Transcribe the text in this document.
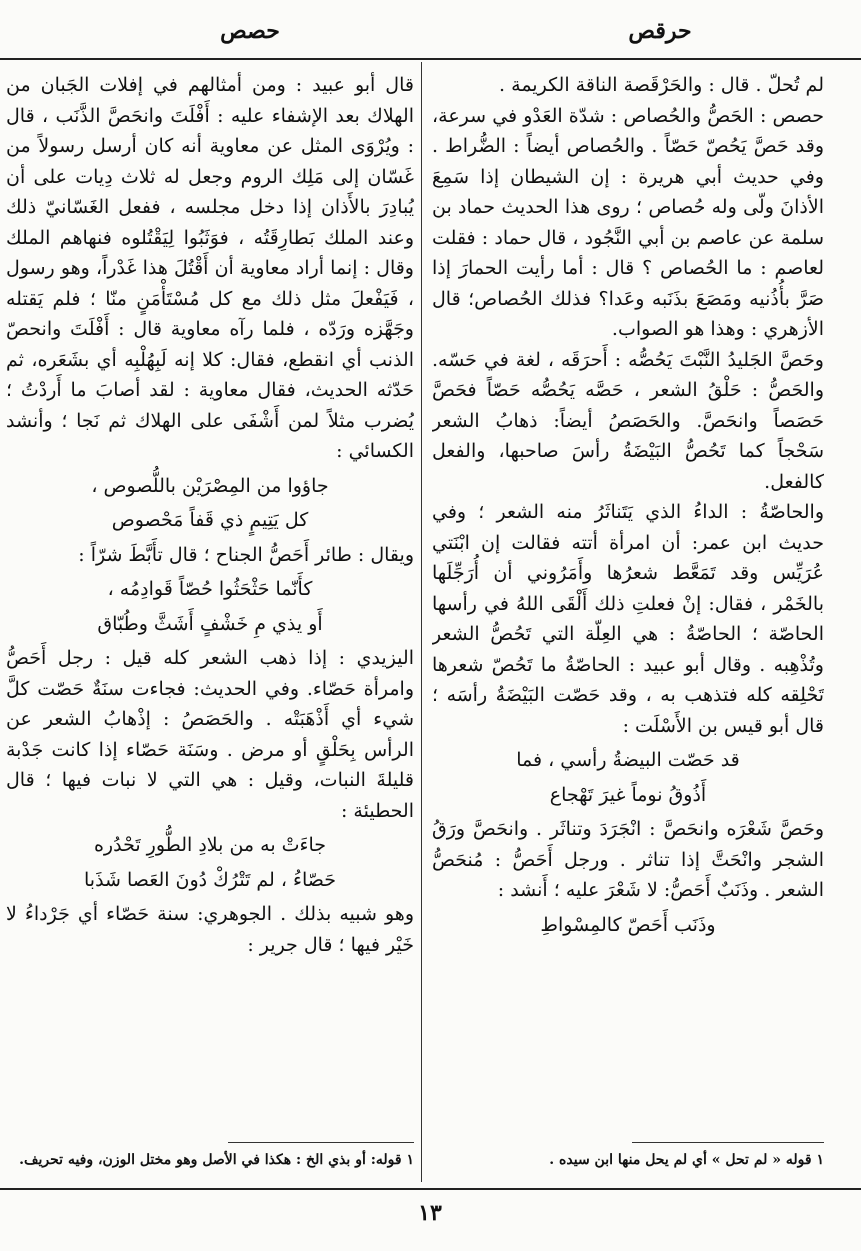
حرقص
حصص

لم تُحلّ . قال : والحَرْقَصة الناقة الكريمة .

حصص : الحَصُّ والحُصاص : شدّة العَدْو في سرعة، وقد حَصَّ يَحُصّ حَصّاً . والحُصاص أيضاً : الضُّراط . وفي حديث أبي هريرة : إن الشيطان إذا سَمِعَ الأذانَ ولّى وله حُصاص ؛ روى هذا الحديث حماد بن سلمة عن عاصم بن أبي النَّجُود ، قال حماد : فقلت لعاصم : ما الحُصاص ؟ قال : أما رأيت الحمارَ إذا صَرَّ بأُذُنيه ومَصَعَ بذَنَبه وعَدا؟ فذلك الحُصاص؛ قال الأزهري : وهذا هو الصواب.

وحَصَّ الجَليدُ النَّبْتَ يَحُصُّه : أَحرَقَه ، لغة في حَسّه. والحَصُّ : حَلْقُ الشعر ، حَصَّه يَحُصُّه حَصّاً فحَصَّ حَصَصاً وانحَصَّ. والحَصَصُ أيضاً: ذهابُ الشعر سَحْجاً كما تَحُصُّ البَيْضَةُ رأسَ صاحبها، والفعل كالفعل.

والحاصّةُ : الداءُ الذي يَتَناثَرُ منه الشعر ؛ وفي حديث ابن عمر: أن امرأة أتته فقالت إن ابْنَتي عُرَيِّس وقد تَمَعَّط شعرُها وأَمَرُوني أن أُرَجِّلَها بالخَمْر ، فقال: إنْ فعلتِ ذلك أَلْقَى اللهُ في رأسها الحاصّة ؛ الحاصّةُ : هي العِلّة التي تَحُصُّ الشعر وتُذْهِبه . وقال أبو عبيد : الحاصّةُ ما تَحُصّ شعرها تَحْلِقه كله فتذهب به ، وقد حَصّت البَيْضَةُ رأسَه ؛ قال أبو قيس بن الأَسْلَت :

قد حَصّت البيضةُ رأسي ، فما

أَذُوقُ نوماً غيرَ تَهْجاع

وحَصَّ شَعْرَه وانحَصَّ : انْجَرَدَ وتناثَر . وانحَصَّ ورَقُ الشجر وانْحَتَّ إذا تناثر . ورجل أَحَصُّ : مُنحَصُّ الشعر . وذَنَبٌ أَحَصُّ: لا شَعْرَ عليه ؛ أَنشد :

وذَنَب أَحَصّ كالمِسْواطِ

قال أبو عبيد : ومن أمثالهم في إفلات الجَبان من الهلاك بعد الإشفاء عليه : أَفْلَتَ وانحَصَّ الذَّنَب ، قال : ويُرْوَى المثل عن معاوية أنه كان أرسل رسولاً من غَسّان إلى مَلِك الروم وجعل له ثلاث دِيات على أن يُبادِرَ بالأَذان إذا دخل مجلسه ، ففعل الغَسّانيّ ذلك وعند الملك بَطارِقَتُه ، فوَثَبُوا لِيَقْتُلوه فنهاهم الملك وقال : إنما أراد معاوية أن أَقْتُلَ هذا غَدْراً، وهو رسول ، فَيَفْعلَ مثل ذلك مع كل مُسْتَأْمَنٍ منّا ؛ فلم يَقتله وجَهَّزه ورَدّه ، فلما رآه معاوية قال : أَفْلَتَ وانحصّ الذنب أي انقطع، فقال: كلا إنه لَبِهُلْبِه أي بشَعَره، ثم حَدّثه الحديث، فقال معاوية : لقد أصابَ ما أَردْتُ ؛ يُضرب مثلاً لمن أَشْفَى على الهلاك ثم نَجا ؛ وأنشد الكسائي :

جاؤوا من المِصْرَيْن باللُّصوص ،

كل يَتِيمٍ ذي قَفاً مَحْصوص

ويقال : طائر أَحَصُّ الجناح ؛ قال تأَبَّطَ شرّاً :

كأَنّما حَثْحَثُوا حُصّاً قَوادِمُه ،

أَو يذي مِ خَشْفٍ أَشَثَّ وطُبّاق

اليزيدي : إذا ذهب الشعر كله قيل : رجل أَحَصُّ وامرأة حَصّاء. وفي الحديث: فجاءت سنَةٌ حَصّت كلَّ شيء أي أَذْهَبَتْه . والحَصَصُ : إذْهابُ الشعر عن الرأس بِحَلْقٍ أو مرض . وسَنَة حَصّاء إذا كانت جَدْبة قليلةَ النبات، وقيل : هي التي لا نبات فيها ؛ قال الحطيئة :

جاءَتْ به من بلادِ الطُّورِ تَحْدُره

حَصّاءُ ، لم تَتْرُكْ دُونَ العَصا شَذَبا

وهو شبيه بذلك . الجوهري: سنة حَصّاء أي جَرْداءُ لا خَيْر فيها ؛ قال جرير :

١ قوله « لم تحل » أي لم يحل منها ابن سيده .
١ قوله: أو بذي الخ : هكذا في الأصل وهو مختل الوزن، وفيه تحريف.
١٣
